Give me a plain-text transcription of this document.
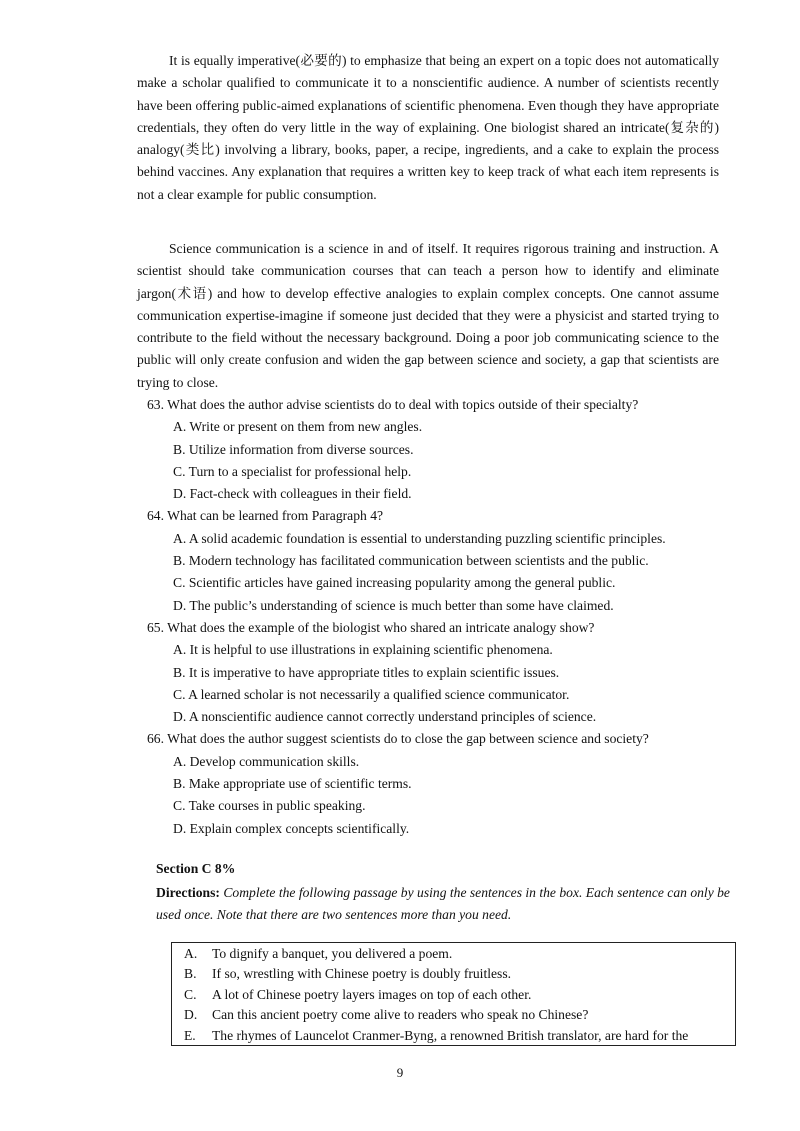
It is equally imperative(必要的) to emphasize that being an expert on a topic does not automatically make a scholar qualified to communicate it to a nonscientific audience. A number of scientists recently have been offering public-aimed explanations of scientific phenomena. Even though they have appropriate credentials, they often do very little in the way of explaining. One biologist shared an intricate(复杂的) analogy(类比) involving a library, books, paper, a recipe, ingredients, and a cake to explain the process behind vaccines. Any explanation that requires a written key to keep track of what each item represents is not a clear example for public consumption.

Science communication is a science in and of itself. It requires rigorous training and instruction. A scientist should take communication courses that can teach a person how to identify and eliminate jargon(术语) and how to develop effective analogies to explain complex concepts. One cannot assume communication expertise-imagine if someone just decided that they were a physicist and started trying to contribute to the field without the necessary background. Doing a poor job communicating science to the public will only create confusion and widen the gap between science and society, a gap that scientists are trying to close.

63. What does the author advise scientists do to deal with topics outside of their specialty?

A. Write or present on them from new angles.

B. Utilize information from diverse sources.

C. Turn to a specialist for professional help.

D. Fact-check with colleagues in their field.

64. What can be learned from Paragraph 4?

A. A solid academic foundation is essential to understanding puzzling scientific principles.

B. Modern technology has facilitated communication between scientists and the public.

C. Scientific articles have gained increasing popularity among the general public.

D. The public’s understanding of science is much better than some have claimed.

65. What does the example of the biologist who shared an intricate analogy show?

A. It is helpful to use illustrations in explaining scientific phenomena.

B. It is imperative to have appropriate titles to explain scientific issues.

C. A learned scholar is not necessarily a qualified science communicator.

D. A nonscientific audience cannot correctly understand principles of science.

66. What does the author suggest scientists do to close the gap between science and society?

A. Develop communication skills.

B. Make appropriate use of scientific terms.

C. Take courses in public speaking.

D. Explain complex concepts scientifically.

Section C 8%

Directions: Complete the following passage by using the sentences in the box. Each sentence can only be used once. Note that there are two sentences more than you need.

A.	To dignify a banquet, you delivered a poem.
B.	If so, wrestling with Chinese poetry is doubly fruitless.
C.	A lot of Chinese poetry layers images on top of each other.
D.	Can this ancient poetry come alive to readers who speak no Chinese?
E.	The rhymes of Launcelot Cranmer-Byng, a renowned British translator, are hard for the
9
